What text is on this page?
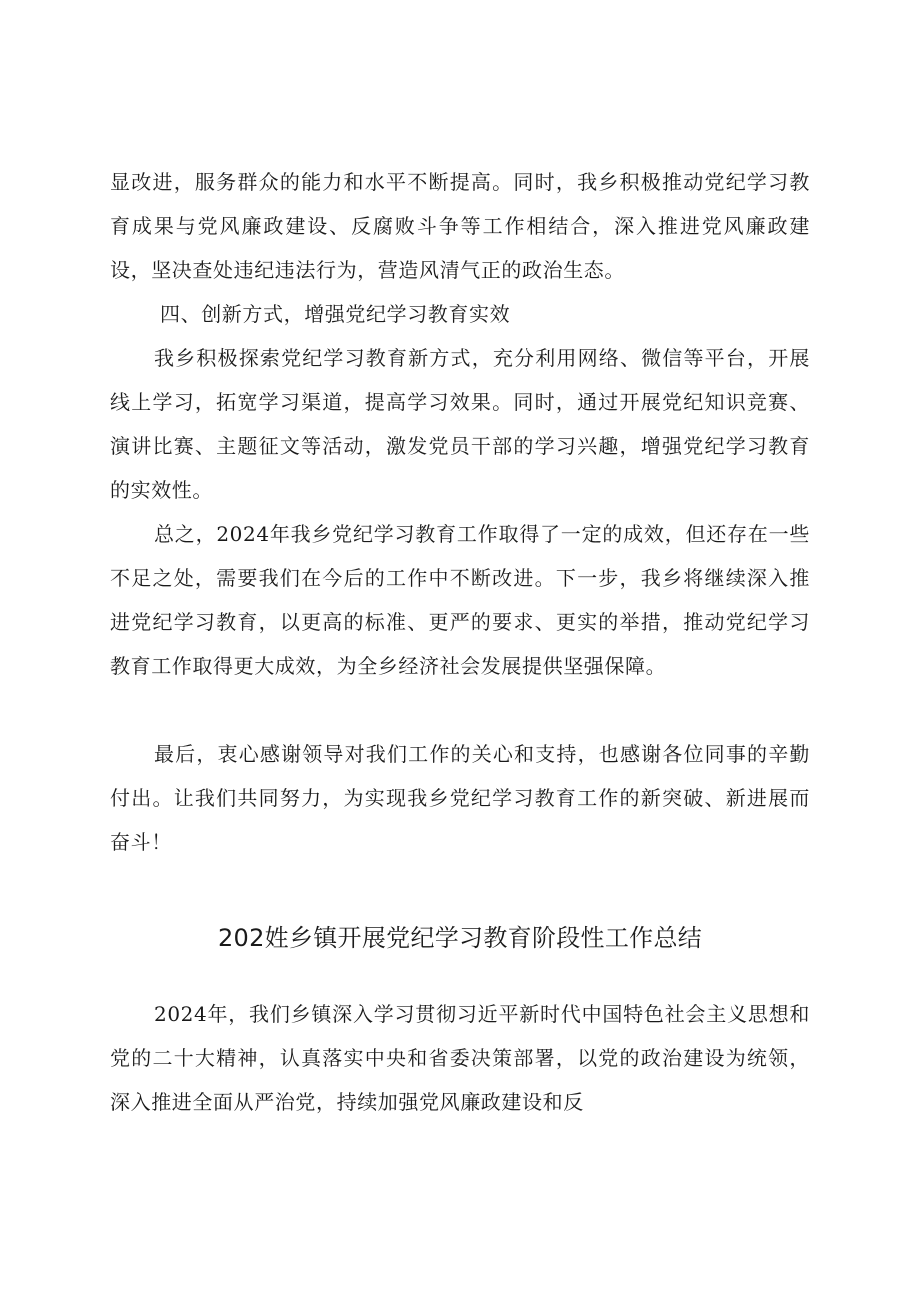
显改进，服务群众的能力和水平不断提高。同时，我乡积极推动党纪学习教育成果与党风廉政建设、反腐败斗争等工作相结合，深入推进党风廉政建设，坚决查处违纪违法行为，营造风清气正的政治生态。

四、创新方式，增强党纪学习教育实效

我乡积极探索党纪学习教育新方式，充分利用网络、微信等平台，开展线上学习，拓宽学习渠道，提高学习效果。同时，通过开展党纪知识竞赛、演讲比赛、主题征文等活动，激发党员干部的学习兴趣，增强党纪学习教育的实效性。

总之，2024年我乡党纪学习教育工作取得了一定的成效，但还存在一些不足之处，需要我们在今后的工作中不断改进。下一步，我乡将继续深入推进党纪学习教育，以更高的标准、更严的要求、更实的举措，推动党纪学习教育工作取得更大成效，为全乡经济社会发展提供坚强保障。

最后，衷心感谢领导对我们工作的关心和支持，也感谢各位同事的辛勤付出。让我们共同努力，为实现我乡党纪学习教育工作的新突破、新进展而奋斗！

202姓乡镇开展党纪学习教育阶段性工作总结

2024年，我们乡镇深入学习贯彻习近平新时代中国特色社会主义思想和党的二十大精神，认真落实中央和省委决策部署，以党的政治建设为统领，深入推进全面从严治党，持续加强党风廉政建设和反
